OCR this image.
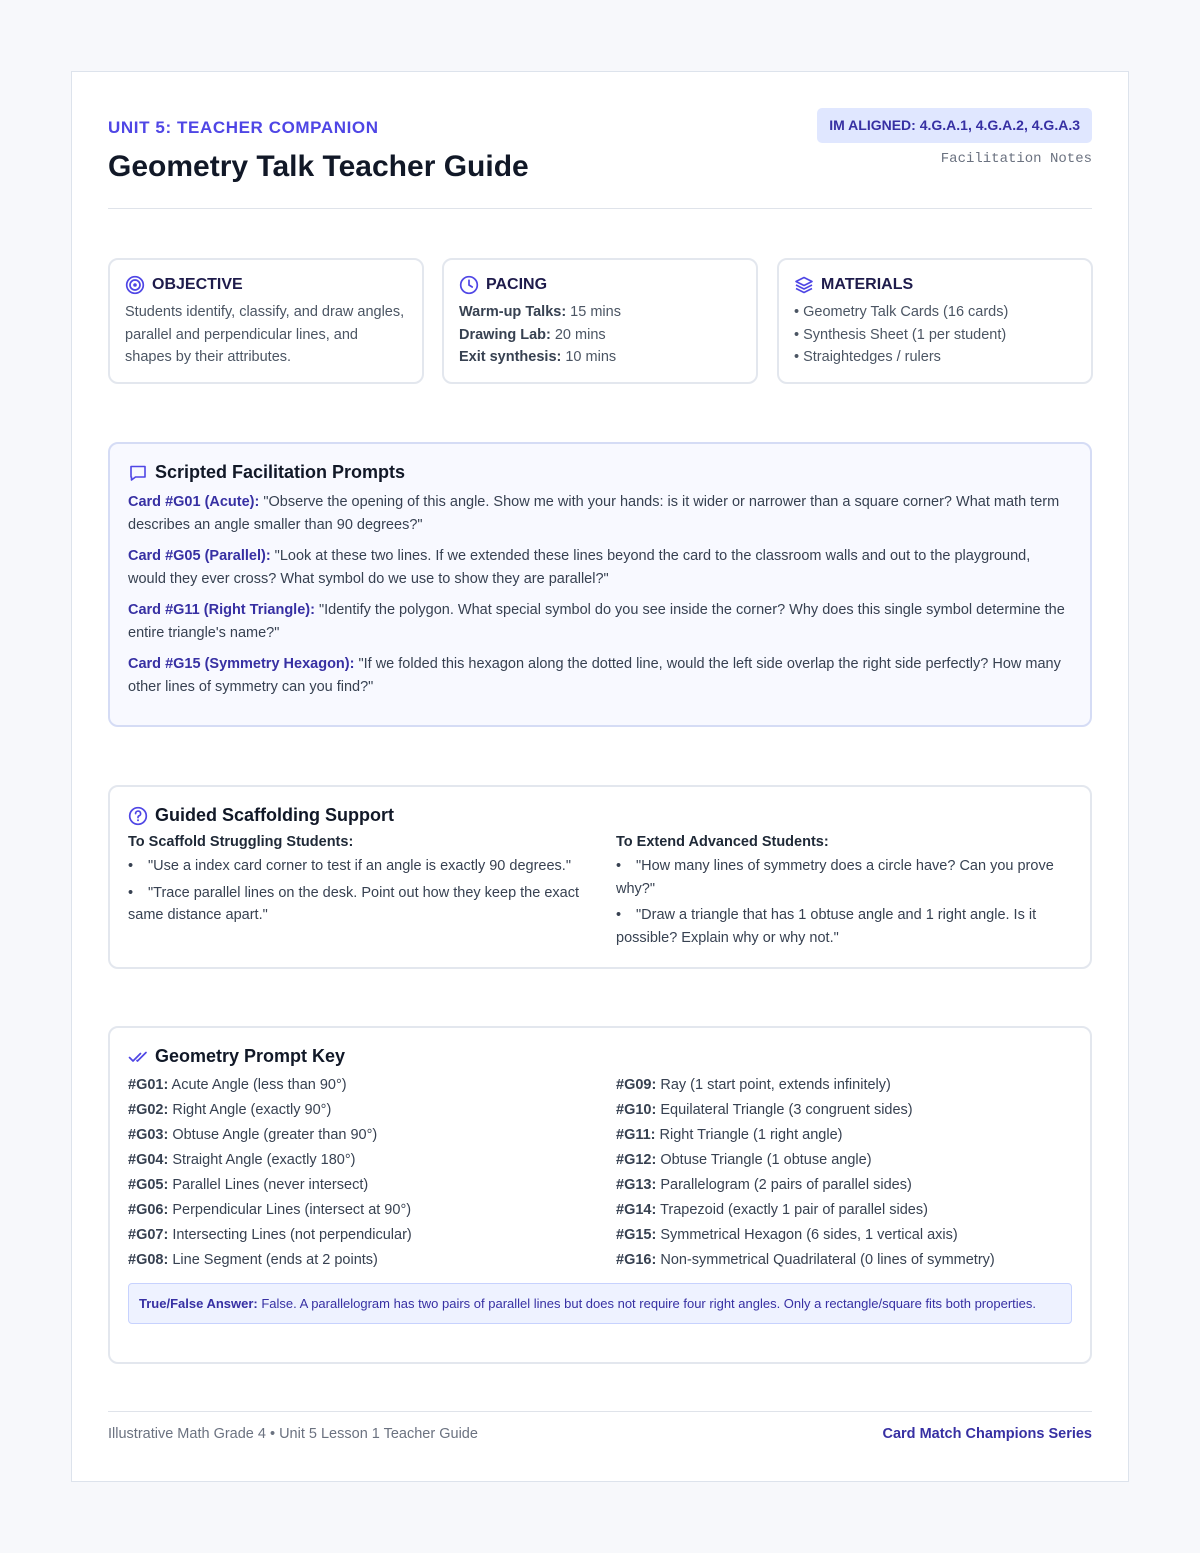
UNIT 5: TEACHER COMPANION
Geometry Talk Teacher Guide
IM ALIGNED: 4.G.A.1, 4.G.A.2, 4.G.A.3
Facilitation Notes
OBJECTIVE
Students identify, classify, and draw angles, parallel and perpendicular lines, and shapes by their attributes.
PACING
Warm-up Talks: 15 mins
Drawing Lab: 20 mins
Exit synthesis: 10 mins
MATERIALS
• Geometry Talk Cards (16 cards)
• Synthesis Sheet (1 per student)
• Straightedges / rulers
Scripted Facilitation Prompts
Card #G01 (Acute): "Observe the opening of this angle. Show me with your hands: is it wider or narrower than a square corner? What math term describes an angle smaller than 90 degrees?"
Card #G05 (Parallel): "Look at these two lines. If we extended these lines beyond the card to the classroom walls and out to the playground, would they ever cross? What symbol do we use to show they are parallel?"
Card #G11 (Right Triangle): "Identify the polygon. What special symbol do you see inside the corner? Why does this single symbol determine the entire triangle's name?"
Card #G15 (Symmetry Hexagon): "If we folded this hexagon along the dotted line, would the left side overlap the right side perfectly? How many other lines of symmetry can you find?"
Guided Scaffolding Support
To Scaffold Struggling Students:
• "Use a index card corner to test if an angle is exactly 90 degrees."
• "Trace parallel lines on the desk. Point out how they keep the exact same distance apart."
To Extend Advanced Students:
• "How many lines of symmetry does a circle have? Can you prove why?"
• "Draw a triangle that has 1 obtuse angle and 1 right angle. Is it possible? Explain why or why not."
Geometry Prompt Key
#G01: Acute Angle (less than 90°)
#G02: Right Angle (exactly 90°)
#G03: Obtuse Angle (greater than 90°)
#G04: Straight Angle (exactly 180°)
#G05: Parallel Lines (never intersect)
#G06: Perpendicular Lines (intersect at 90°)
#G07: Intersecting Lines (not perpendicular)
#G08: Line Segment (ends at 2 points)
#G09: Ray (1 start point, extends infinitely)
#G10: Equilateral Triangle (3 congruent sides)
#G11: Right Triangle (1 right angle)
#G12: Obtuse Triangle (1 obtuse angle)
#G13: Parallelogram (2 pairs of parallel sides)
#G14: Trapezoid (exactly 1 pair of parallel sides)
#G15: Symmetrical Hexagon (6 sides, 1 vertical axis)
#G16: Non-symmetrical Quadrilateral (0 lines of symmetry)
True/False Answer: False. A parallelogram has two pairs of parallel lines but does not require four right angles. Only a rectangle/square fits both properties.
Illustrative Math Grade 4 • Unit 5 Lesson 1 Teacher Guide	Card Match Champions Series
